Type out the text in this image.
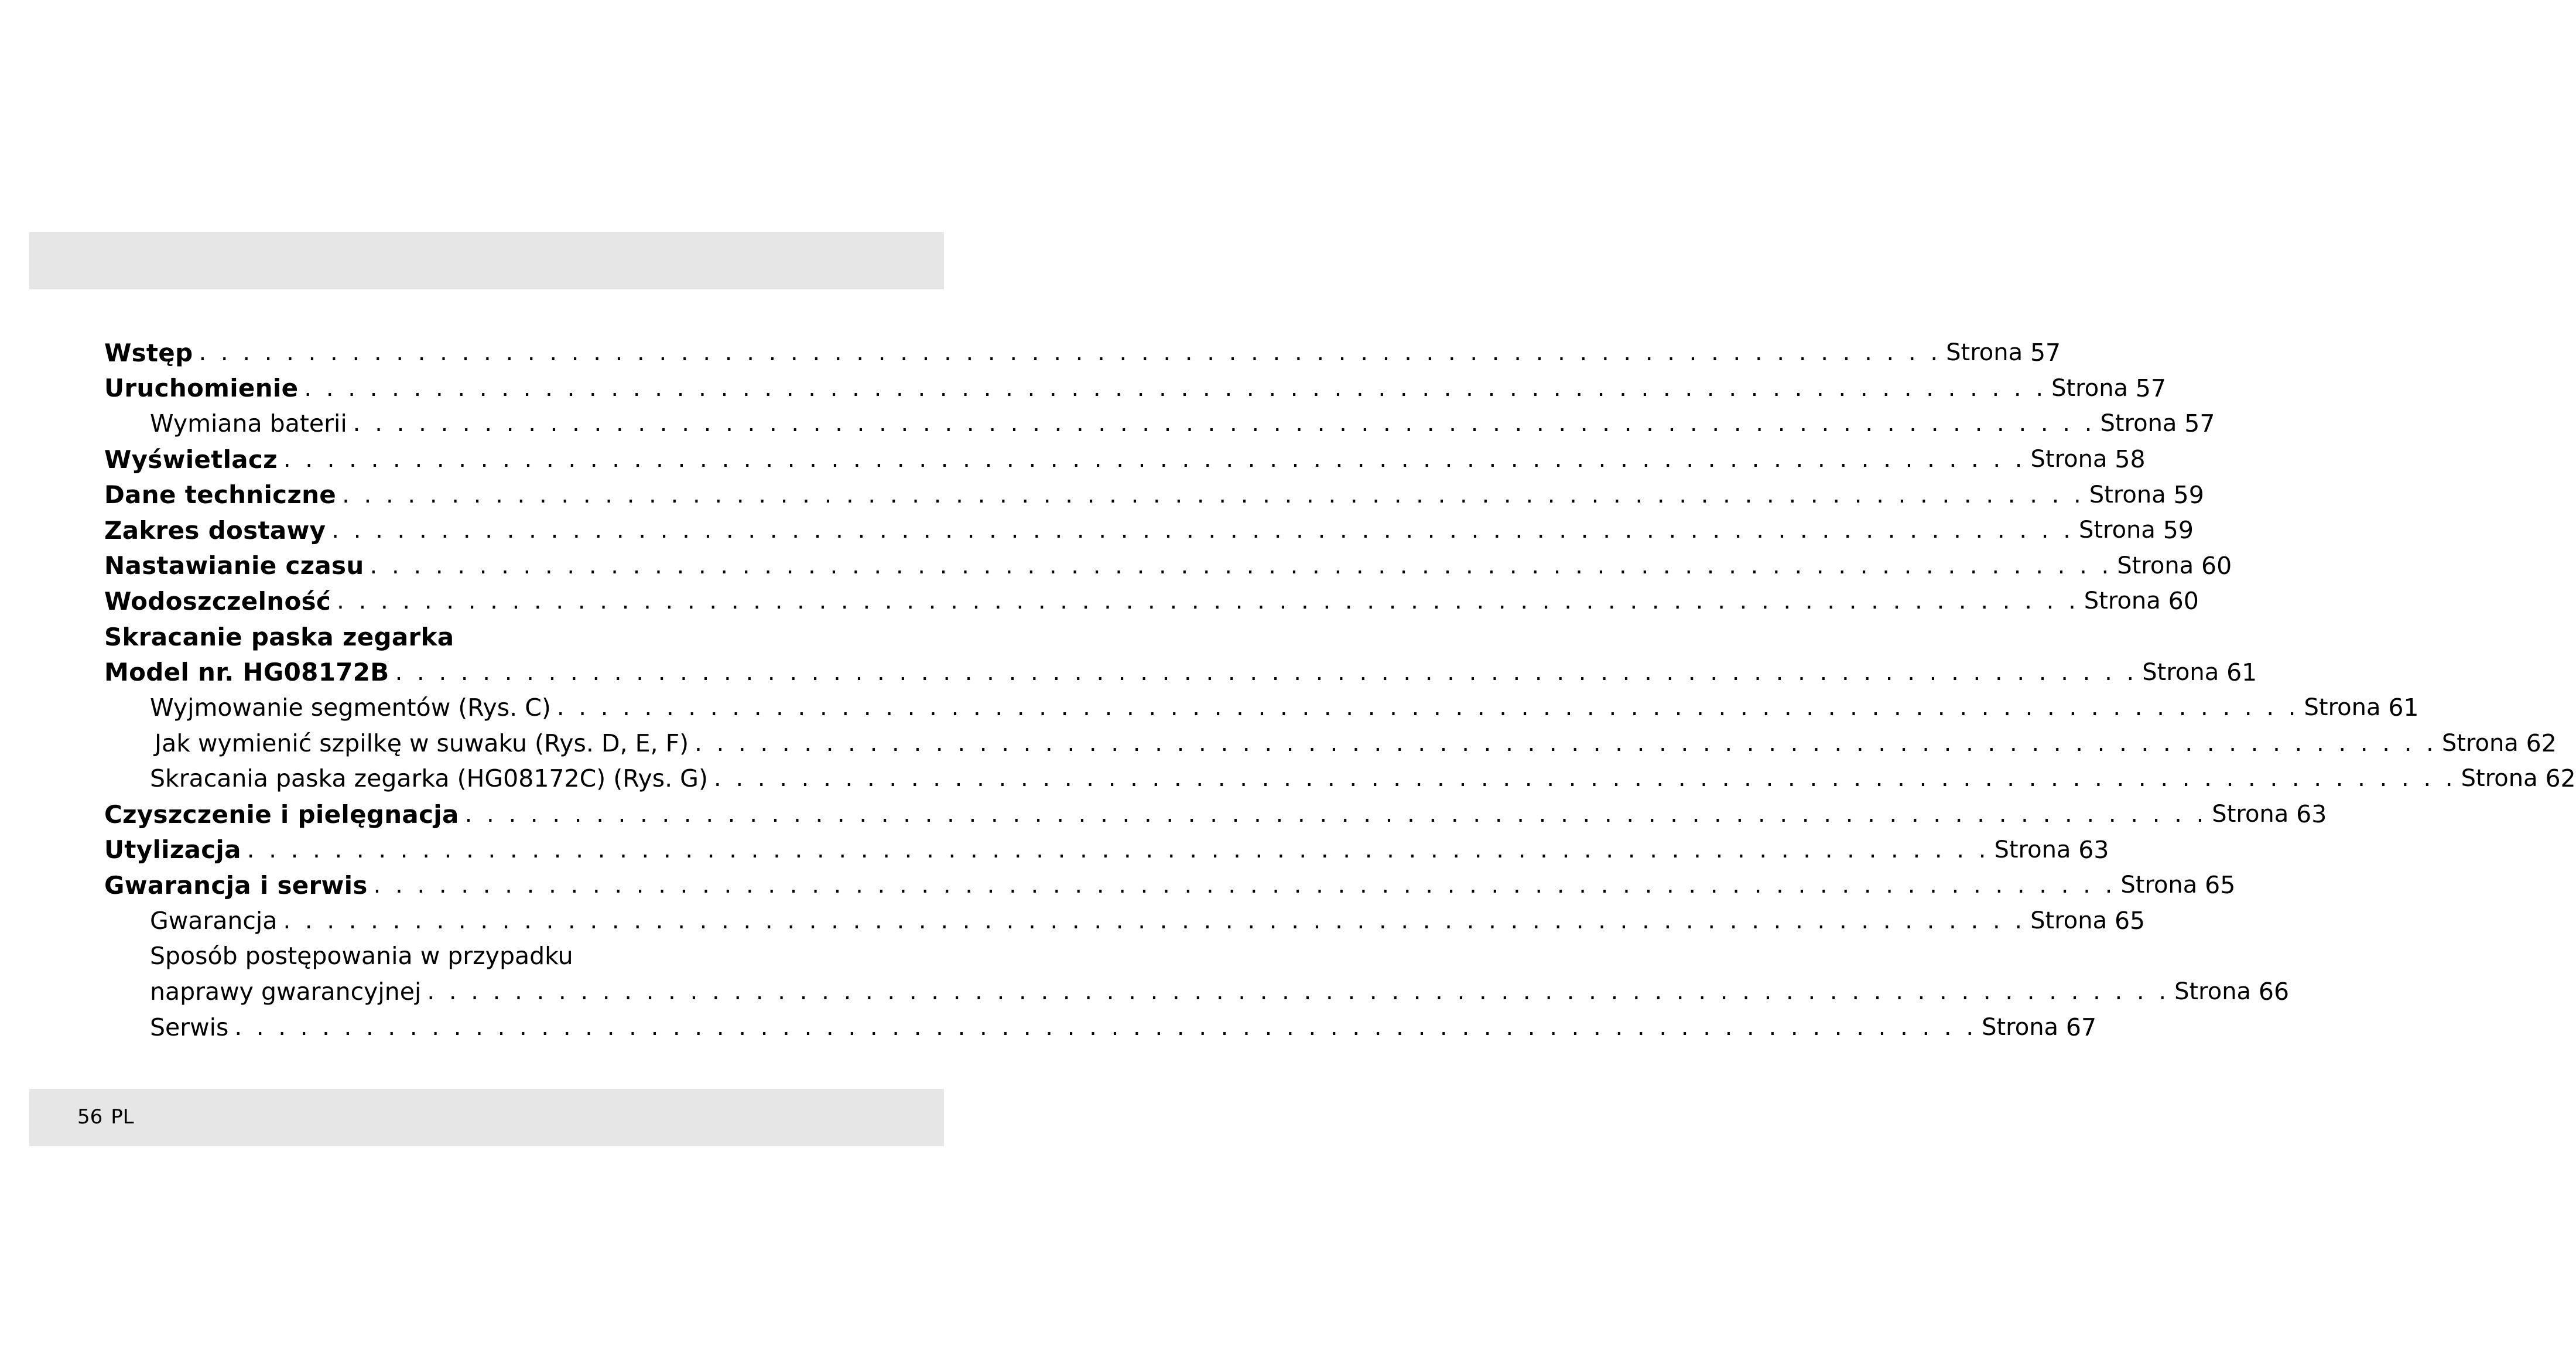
Wstęp . . . . . . . . . . . . . . . . . . . . . . . . . . . . . . . . . . . . . . . . . . . . . . . . . . . . . . . . . . . . . . . . . . . . . . . . . . . . . . . . Strona 57
Uruchomienie . . . . . . . . . . . . . . . . . . . . . . . . . . . . . . . . . . . . . . . . . . . . . . . . . . . . . . . . . . . . . . . . . . . . . . . . . . . . . . . . Strona 57
Wymiana baterii . . . . . . . . . . . . . . . . . . . . . . . . . . . . . . . . . . . . . . . . . . . . . . . . . . . . . . . . . . . . . . . . . . . . . . . . . . . . . . . . Strona 57
Wyświetlacz . . . . . . . . . . . . . . . . . . . . . . . . . . . . . . . . . . . . . . . . . . . . . . . . . . . . . . . . . . . . . . . . . . . . . . . . . . . . . . . . Strona 58
Dane techniczne . . . . . . . . . . . . . . . . . . . . . . . . . . . . . . . . . . . . . . . . . . . . . . . . . . . . . . . . . . . . . . . . . . . . . . . . . . . . . . . . Strona 59
Zakres dostawy . . . . . . . . . . . . . . . . . . . . . . . . . . . . . . . . . . . . . . . . . . . . . . . . . . . . . . . . . . . . . . . . . . . . . . . . . . . . . . . . Strona 59
Nastawianie czasu . . . . . . . . . . . . . . . . . . . . . . . . . . . . . . . . . . . . . . . . . . . . . . . . . . . . . . . . . . . . . . . . . . . . . . . . . . . . . . . . Strona 60
Wodoszczelność . . . . . . . . . . . . . . . . . . . . . . . . . . . . . . . . . . . . . . . . . . . . . . . . . . . . . . . . . . . . . . . . . . . . . . . . . . . . . . . . Strona 60
Skracanie paska zegarka
Model nr. HG08172B . . . . . . . . . . . . . . . . . . . . . . . . . . . . . . . . . . . . . . . . . . . . . . . . . . . . . . . . . . . . . . . . . . . . . . . . . . . . . . . . Strona 61
Wyjmowanie segmentów (Rys. C) . . . . . . . . . . . . . . . . . . . . . . . . . . . . . . . . . . . . . . . . . . . . . . . . . . . . . . . . . . . . . . . . . . . . . . . . . . . . . . . . Strona 61
Jak wymienić szpilkę w suwaku (Rys. D, E, F) . . . . . . . . . . . . . . . . . . . . . . . . . . . . . . . . . . . . . . . . . . . . . . . . . . . . . . . . . . . . . . . . . . . . . . . . . . . . . . . . Strona 62
Skracania paska zegarka (HG08172C) (Rys. G) . . . . . . . . . . . . . . . . . . . . . . . . . . . . . . . . . . . . . . . . . . . . . . . . . . . . . . . . . . . . . . . . . . . . . . . . . . . . . . . . Strona 62
Czyszczenie i pielęgnacja . . . . . . . . . . . . . . . . . . . . . . . . . . . . . . . . . . . . . . . . . . . . . . . . . . . . . . . . . . . . . . . . . . . . . . . . . . . . . . . . Strona 63
Utylizacja . . . . . . . . . . . . . . . . . . . . . . . . . . . . . . . . . . . . . . . . . . . . . . . . . . . . . . . . . . . . . . . . . . . . . . . . . . . . . . . . Strona 63
Gwarancja i serwis . . . . . . . . . . . . . . . . . . . . . . . . . . . . . . . . . . . . . . . . . . . . . . . . . . . . . . . . . . . . . . . . . . . . . . . . . . . . . . . . Strona 65
Gwarancja . . . . . . . . . . . . . . . . . . . . . . . . . . . . . . . . . . . . . . . . . . . . . . . . . . . . . . . . . . . . . . . . . . . . . . . . . . . . . . . . Strona 65
Sposób postępowania w przypadku
naprawy gwarancyjnej . . . . . . . . . . . . . . . . . . . . . . . . . . . . . . . . . . . . . . . . . . . . . . . . . . . . . . . . . . . . . . . . . . . . . . . . . . . . . . . . Strona 66
Serwis . . . . . . . . . . . . . . . . . . . . . . . . . . . . . . . . . . . . . . . . . . . . . . . . . . . . . . . . . . . . . . . . . . . . . . . . . . . . . . . . Strona 67
56 PL
